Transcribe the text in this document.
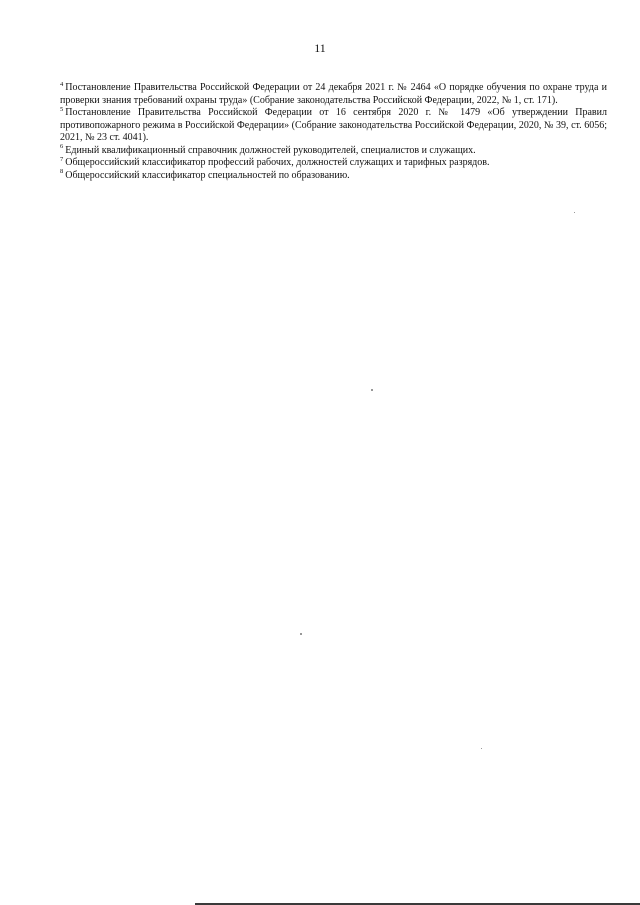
11

$^4$ Постановление Правительства Российской Федерации от 24 декабря 2021 г. № 2464 «О порядке обучения по охране труда и проверки знания требований охраны труда» (Собрание законодательства Российской Федерации, 2022, № 1, ст. 171).

$^5$ Постановление Правительства Российской Федерации от 16 сентября 2020 г. № 1479 «Об утверждении Правил противопожарного режима в Российской Федерации» (Собрание законодательства Российской Федерации, 2020, № 39, ст. 6056; 2021, № 23 ст. 4041).

$^6$ Единый квалификационный справочник должностей руководителей, специалистов и служащих.

$^7$ Общероссийский классификатор профессий рабочих, должностей служащих и тарифных разрядов.

$^8$ Общероссийский классификатор специальностей по образованию.
